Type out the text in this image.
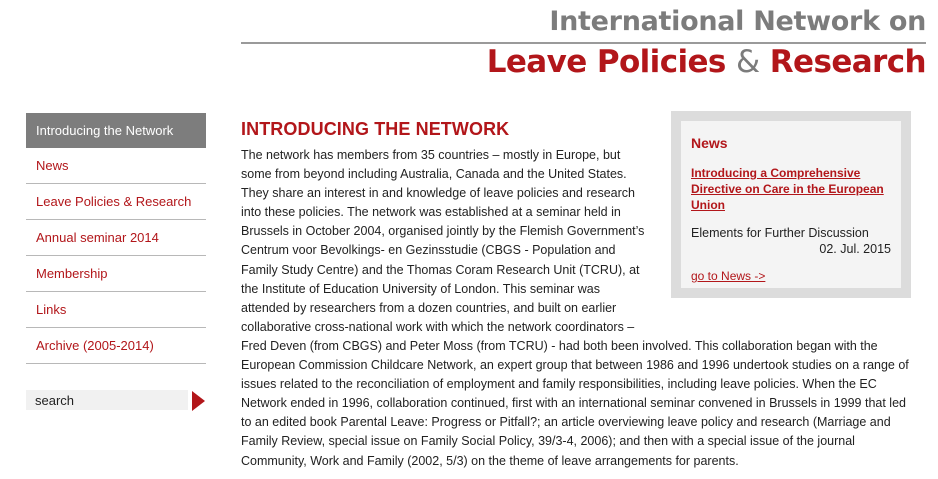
International Network on
Leave Policies & Research
Introducing the Network
News
Leave Policies & Research
Annual seminar 2014
Membership
Links
Archive (2005-2014)
search
INTRODUCING THE NETWORK

The network has members from 35 countries – mostly in Europe, but some from beyond including Australia, Canada and the United States. They share an interest in and knowledge of leave policies and research into these policies. The network was established at a seminar held in Brussels in October 2004, organised jointly by the Flemish Government’s Centrum voor Bevolkings- en Gezinsstudie (CBGS - Population and Family Study Centre) and the Thomas Coram Research Unit (TCRU), at the Institute of Education University of London. This seminar was attended by researchers from a dozen countries, and built on earlier collaborative cross-national work with which the network coordinators – Fred Deven (from CBGS) and Peter Moss (from TCRU) - had both been involved. This collaboration began with the European Commission Childcare Network, an expert group that between 1986 and 1996 undertook studies on a range of issues related to the reconciliation of employment and family responsibilities, including leave policies. When the EC Network ended in 1996, collaboration continued, first with an international seminar convened in Brussels in 1999 that led to an edited book Parental Leave: Progress or Pitfall?; an article overviewing leave policy and research (Marriage and Family Review, special issue on Family Social Policy, 39/3-4, 2006); and then with a special issue of the journal Community, Work and Family (2002, 5/3) on the theme of leave arrangements for parents.

News
Introducing a Comprehensive Directive on Care in the European Union
Elements for Further Discussion
02. Jul. 2015
go to News ->
